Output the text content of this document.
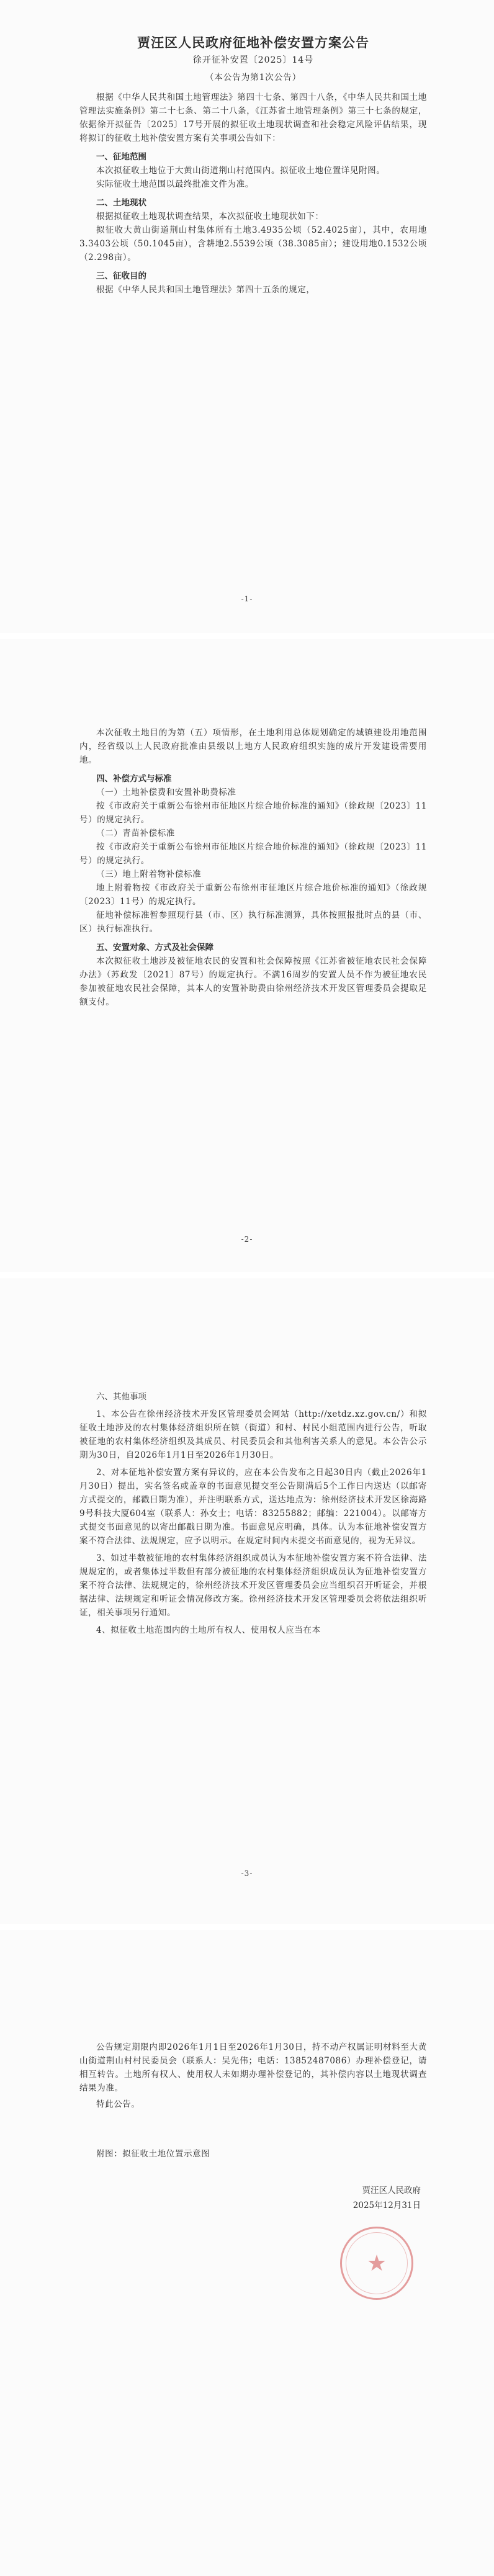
贾汪区人民政府征地补偿安置方案公告
徐开征补安置〔2025〕14号
（本公告为第1次公告）

根据《中华人民共和国土地管理法》第四十七条、第四十八条，《中华人民共和国土地管理法实施条例》第二十七条、第二十八条，《江苏省土地管理条例》第三十七条的规定，依据徐开拟征告〔2025〕17号开展的拟征收土地现状调查和社会稳定风险评估结果，现将拟订的征收土地补偿安置方案有关事项公告如下：

一、征地范围

本次拟征收土地位于大黄山街道荆山村范围内。拟征收土地位置详见附图。

实际征收土地范围以最终批准文件为准。

二、土地现状

根据拟征收土地现状调查结果，本次拟征收土地现状如下：

拟征收大黄山街道荆山村集体所有土地3.4935公顷（52.4025亩），其中，农用地3.3403公顷（50.1045亩），含耕地2.5539公顷（38.3085亩）；建设用地0.1532公顷（2.298亩）。

三、征收目的

根据《中华人民共和国土地管理法》第四十五条的规定，

-1-

本次征收土地目的为第（五）项情形，在土地利用总体规划确定的城镇建设用地范围内，经省级以上人民政府批准由县级以上地方人民政府组织实施的成片开发建设需要用地。

四、补偿方式与标准

（一）土地补偿费和安置补助费标准

按《市政府关于重新公布徐州市征地区片综合地价标准的通知》（徐政规〔2023〕11号）的规定执行。

（二）青苗补偿标准

按《市政府关于重新公布徐州市征地区片综合地价标准的通知》（徐政规〔2023〕11号）的规定执行。

（三）地上附着物补偿标准

地上附着物按《市政府关于重新公布徐州市征地区片综合地价标准的通知》（徐政规〔2023〕11号）的规定执行。

征地补偿标准暂参照现行县（市、区）执行标准测算，具体按照报批时点的县（市、区）执行标准执行。

五、安置对象、方式及社会保障

本次拟征收土地涉及被征地农民的安置和社会保障按照《江苏省被征地农民社会保障办法》（苏政发〔2021〕87号）的规定执行。不满16周岁的安置人员不作为被征地农民参加被征地农民社会保障，其本人的安置补助费由徐州经济技术开发区管理委员会提取足额支付。

-2-

六、其他事项

1、本公告在徐州经济技术开发区管理委员会网站（http://xetdz.xz.gov.cn/）和拟征收土地涉及的农村集体经济组织所在镇（街道）和村、村民小组范围内进行公告，听取被征地的农村集体经济组织及其成员、村民委员会和其他利害关系人的意见。本公告公示期为30日，自2026年1月1日至2026年1月30日。

2、对本征地补偿安置方案有异议的，应在本公告发布之日起30日内（截止2026年1月30日）提出，实名签名或盖章的书面意见提交至公告期满后5个工作日内送达（以邮寄方式提交的，邮戳日期为准），并注明联系方式，送达地点为：徐州经济技术开发区徐海路9号科技大厦604室（联系人：孙女士；电话：83255882；邮编：221004）。以邮寄方式提交书面意见的以寄出邮戳日期为准。书面意见应明确，具体。认为本征地补偿安置方案不符合法律、法规规定，应予以明示。在规定时间内未提交书面意见的，视为无异议。

3、如过半数被征地的农村集体经济组织成员认为本征地补偿安置方案不符合法律、法规规定的，或者集体过半数但有部分被征地的农村集体经济组织成员认为征地补偿安置方案不符合法律、法规规定的，徐州经济技术开发区管理委员会应当组织召开听证会，并根据法律、法规规定和听证会情况修改方案。徐州经济技术开发区管理委员会将依法组织听证，相关事项另行通知。

4、拟征收土地范围内的土地所有权人、使用权人应当在本

-3-

公告规定期限内即2026年1月1日至2026年1月30日，持不动产权属证明材料至大黄山街道荆山村村民委员会（联系人：吴先伟；电话：13852487086）办理补偿登记，请相互转告。土地所有权人、使用权人未如期办理补偿登记的，其补偿内容以土地现状调查结果为准。

特此公告。

附图：拟征收土地位置示意图

贾汪区人民政府
2025年12月31日
★
